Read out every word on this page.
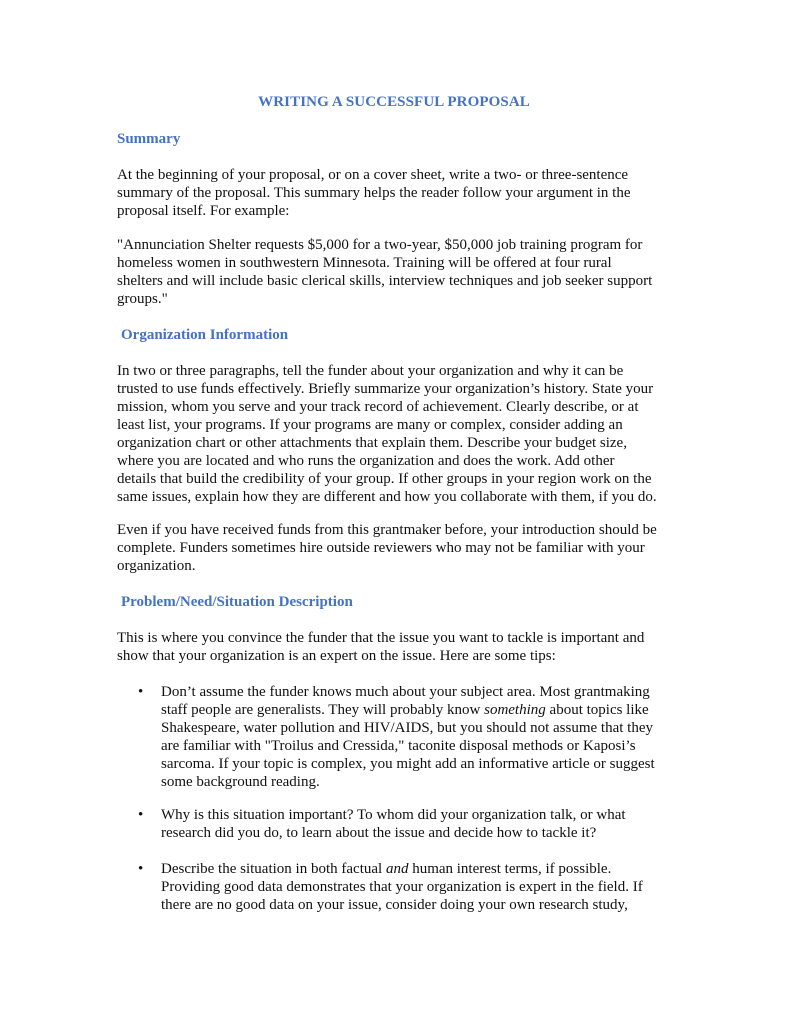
WRITING A SUCCESSFUL PROPOSAL
Summary
At the beginning of your proposal, or on a cover sheet, write a two- or three-sentence
summary of the proposal. This summary helps the reader follow your argument in the
proposal itself. For example:
"Annunciation Shelter requests $5,000 for a two-year, $50,000 job training program for
homeless women in southwestern Minnesota. Training will be offered at four rural
shelters and will include basic clerical skills, interview techniques and job seeker support
groups."
Organization Information
In two or three paragraphs, tell the funder about your organization and why it can be
trusted to use funds effectively. Briefly summarize your organization’s history. State your
mission, whom you serve and your track record of achievement. Clearly describe, or at
least list, your programs. If your programs are many or complex, consider adding an
organization chart or other attachments that explain them. Describe your budget size,
where you are located and who runs the organization and does the work. Add other
details that build the credibility of your group. If other groups in your region work on the
same issues, explain how they are different and how you collaborate with them, if you do.
Even if you have received funds from this grantmaker before, your introduction should be
complete. Funders sometimes hire outside reviewers who may not be familiar with your
organization.
Problem/Need/Situation Description
This is where you convince the funder that the issue you want to tackle is important and
show that your organization is an expert on the issue. Here are some tips:
• Don’t assume the funder knows much about your subject area. Most grantmaking
staff people are generalists. They will probably know something about topics like
Shakespeare, water pollution and HIV/AIDS, but you should not assume that they
are familiar with "Troilus and Cressida," taconite disposal methods or Kaposi’s
sarcoma. If your topic is complex, you might add an informative article or suggest
some background reading.
• Why is this situation important? To whom did your organization talk, or what
research did you do, to learn about the issue and decide how to tackle it?
• Describe the situation in both factual and human interest terms, if possible.
Providing good data demonstrates that your organization is expert in the field. If
there are no good data on your issue, consider doing your own research study,
